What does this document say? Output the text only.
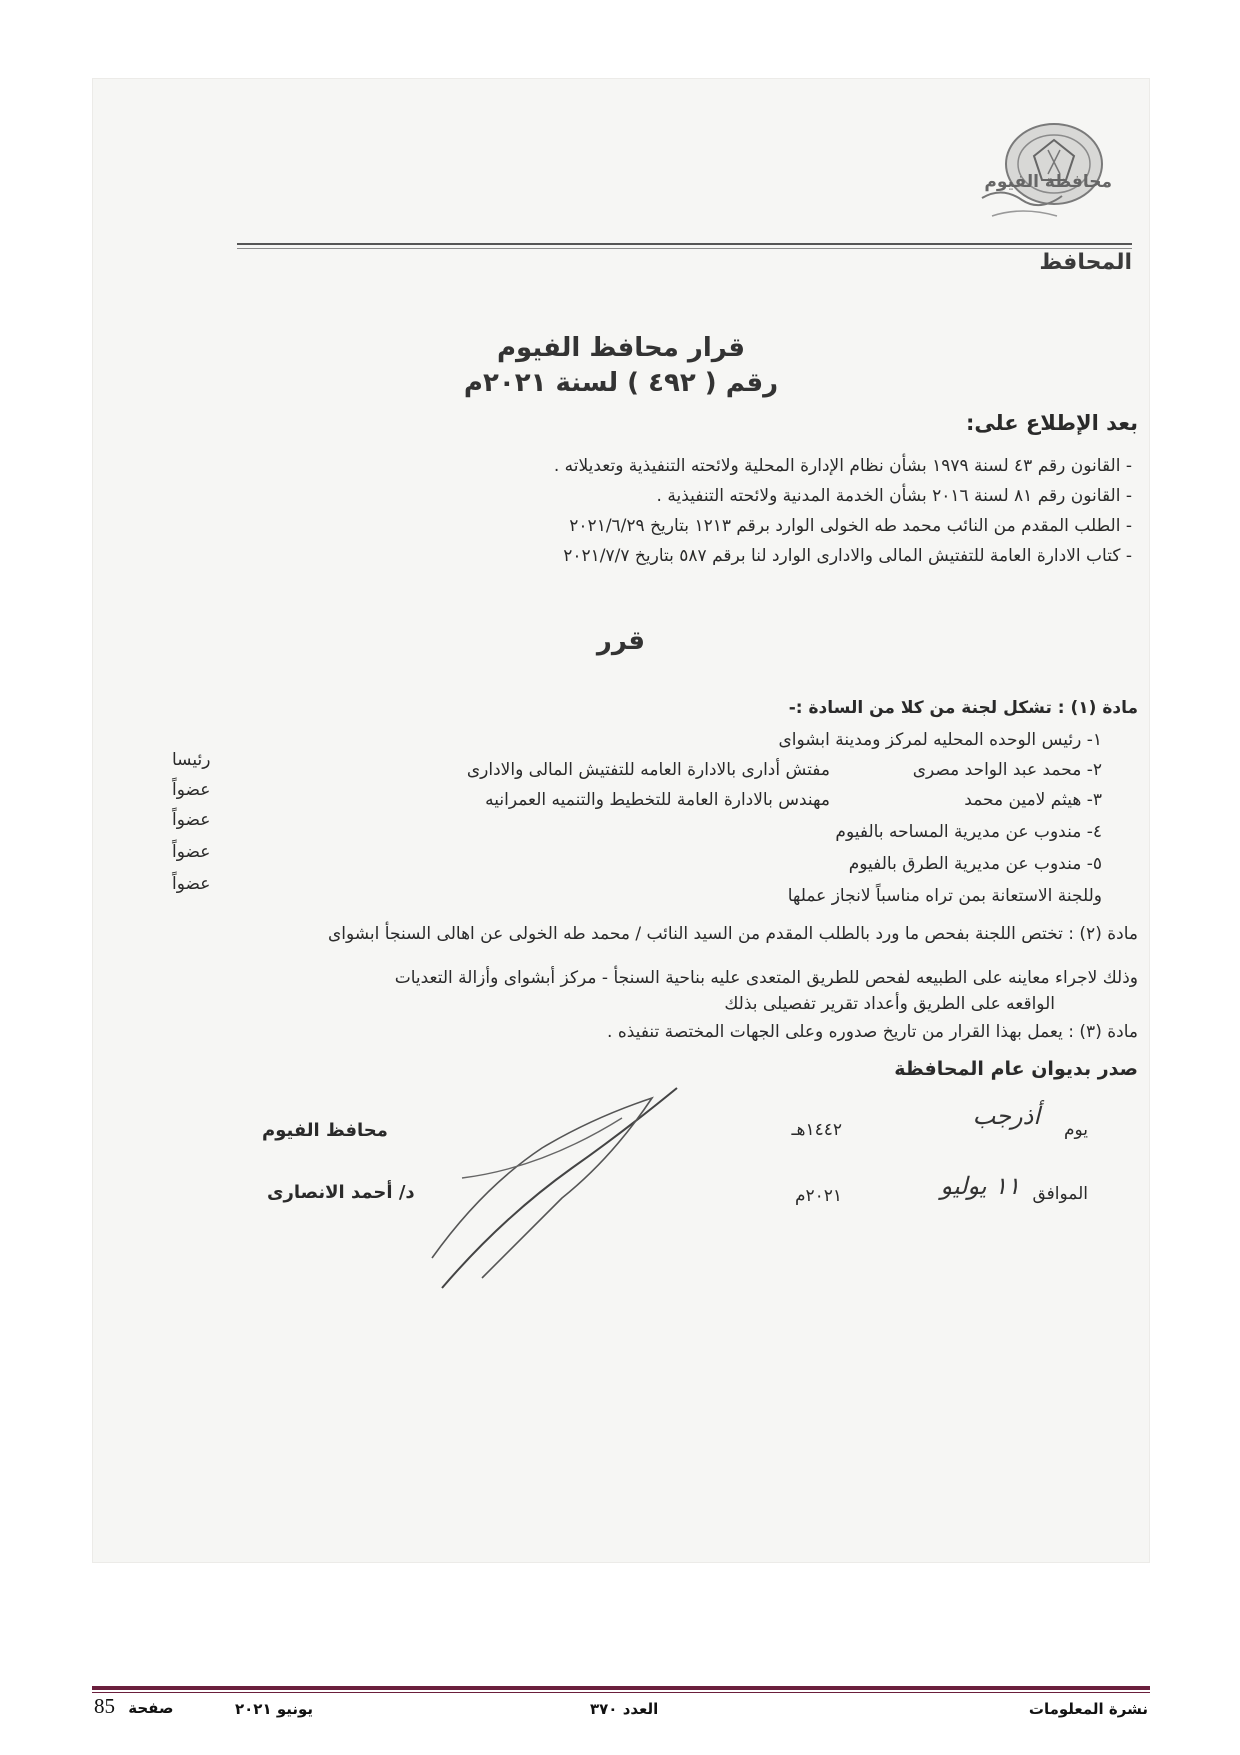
محافظة الفيوم
المحافظ
قرار محافظ الفيوم
رقم ( ٤٩٢ ) لسنة ٢٠٢١م
بعد الإطلاع على:
- القانون رقم ٤٣ لسنة ١٩٧٩ بشأن نظام الإدارة المحلية ولائحته التنفيذية وتعديلاته .
- القانون رقم ٨١ لسنة ٢٠١٦ بشأن الخدمة المدنية ولائحته التنفيذية .
- الطلب المقدم من النائب محمد طه الخولى الوارد برقم ١٢١٣ بتاريخ ٢٠٢١/٦/٢٩
- كتاب الادارة العامة للتفتيش المالى والادارى الوارد لنا برقم ٥٨٧ بتاريخ ٢٠٢١/٧/٧
قرر
مادة (١) : تشكل لجنة من كلا من السادة :-
١- رئيس الوحده المحليه لمركز ومدينة ابشواى
رئيسا	٢- محمد عبد الواحد مصرى
مفتش أدارى بالادارة العامه للتفتيش المالى والادارى
عضواً	٣- هيثم لامين محمد
مهندس بالادارة العامة للتخطيط والتنميه العمرانيه
عضواً
٤- مندوب عن مديرية المساحه بالفيوم
عضواً
٥- مندوب عن مديرية الطرق بالفيوم
عضواً
وللجنة الاستعانة بمن تراه مناسباً لانجاز عملها
مادة (٢) : تختص اللجنة بفحص ما ورد بالطلب المقدم من السيد النائب / محمد طه الخولى عن اهالى السنجأ ابشواى
وذلك لاجراء معاينه على الطبيعه لفحص للطريق المتعدى عليه بناحية السنجأ - مركز أبشواى وأزالة التعديات
الواقعه على الطريق وأعداد تقرير تفصيلى بذلك
مادة (٣) : يعمل بهذا القرار من تاريخ صدوره وعلى الجهات المختصة تنفيذه .
صدر بديوان عام المحافظة
يوم
أذرجب
١٤٤٢هـ
الموافق
١١ يوليو
٢٠٢١م
محافظ الفيوم
د/ أحمد الانصارى
نشرة المعلومات
العدد ٣٧٠
يونيو ٢٠٢١
85 صفحة
